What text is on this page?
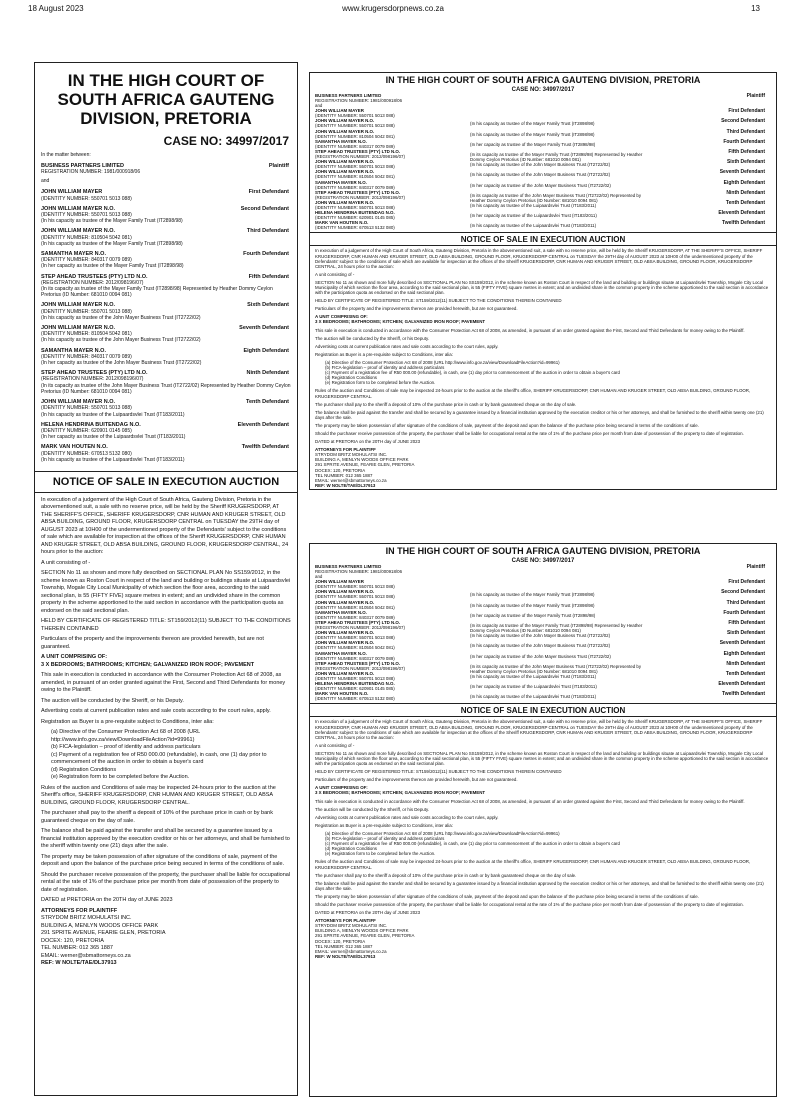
18 August 2023	www.krugersdorpnews.co.za	13
IN THE HIGH COURT OF SOUTH AFRICA GAUTENG DIVISION, PRETORIA
CASE NO: 34997/2017
In the matter between:
BUSINESS PARTNERS LIMITED
REGISTRATION NUMBER: 1981/000918/06
Plaintiff
and
JOHN WILLIAM MAYER
(IDENTITY NUMBER: 550701 5013 088)
First Defendant
JOHN WILLIAM MAYER N.O.
(IDENTITY NUMBER: 550701 5013 088)
(In his capacity as trustee of the Mayer Family Trust (IT2898/98)
Second Defendant
JOHN WILLIAM MAYER N.O.
(IDENTITY NUMBER: 810504 5042 081)
(In his capacity as trustee of the Mayer Family Trust (IT2898/98)
Third Defendant
SAMANTHA MAYER N.O.
(IDENTITY NUMBER: 840317 0079 089)
(In her capacity as trustee of the Mayer Family Trust (IT2898/98)
Fourth Defendant
STEP AHEAD TRUSTEES (PTY) LTD N.O.
(REGISTRATION NUMBER: 2012/098196/07)
(In its capacity as trustee of the Mayer Family Trust (IT2898/98) Represented by Heather Dommy Ceylon Pretorius (ID Number: 681010 0094 081)
Fifth Defendant
JOHN WILLIAM MAYER N.O.
(IDENTITY NUMBER: 550701 5013 088)
(In his capacity as trustee of the John Mayer Business Trust (IT2722/02)
Sixth Defendant
JOHN WILLIAM MAYER N.O.
(IDENTITY NUMBER: 810504 5042 081)
(In his capacity as trustee of the John Mayer Business Trust (IT2722/02)
Seventh Defendant
SAMANTHA MAYER N.O.
(IDENTITY NUMBER: 840317 0079 089)
(In her capacity as trustee of the John Mayer Business Trust (IT2722/02)
Eighth Defendant
STEP AHEAD TRUSTEES (PTY) LTD N.O.
(REGISTRATION NUMBER: 2012/098196/07)
(In its capacity as trustee of the John Mayer Business Trust (IT2722/02) Represented by Heather Dommy Ceylon Pretorius (ID Number: 681010 0094 081)
Ninth Defendant
JOHN WILLIAM MAYER N.O.
(IDENTITY NUMBER: 550701 5013 088)
(In his capacity as trustee of the Luipaardsvlei Trust (IT183/2011)
Tenth Defendant
HELENA HENDRINA BUITENDAG N.O.
(IDENTITY NUMBER: 620901 0145 085)
(In her capacity as trustee of the Luipaardsvlei Trust (IT183/2011)
Eleventh Defendant
MARK VAN HOUTEN N.O.
(IDENTITY NUMBER: 670513 5132 080)
(In his capacity as trustee of the Luipaardsvlei Trust (IT183/2011)
Twelfth Defendant
NOTICE OF SALE IN EXECUTION AUCTION

In execution of a judgement of the High Court of South Africa, Gauteng Division, Pretoria in the abovementioned suit, a sale with no reserve price, will be held by the Sheriff KRUGERSDORP, AT THE SHERIFF'S OFFICE, SHERIFF KRUGERSDORP, CNR HUMAN AND KRUGER STREET, OLD ABSA BUILDING, GROUND FLOOR, KRUGERSDORP CENTRAL on TUESDAY the 29TH day of AUGUST 2023 at 10H00 of the undermentioned property of the Defendants' subject to the conditions of sale which are available for inspection at the offices of the Sheriff KRUGERSDORP, CNR HUMAN AND KRUGER STREET, OLD ABSA BUILDING, GROUND FLOOR, KRUGERSDORP CENTRAL, 24 hours prior to the auction:

A unit consisting of -

SECTION No 11 as shown and more fully described on SECTIONAL PLAN No SS159/2012, in the scheme known as Roston Court in respect of the land and building or buildings situate at Luipaardsvlei Township, Mogale City Local Municipality of which section the floor area, according to the said sectional plan, is 55 (FIFTY FIVE) square metres in extent; and an undivided share in the common property in the scheme apportioned to the said section in accordance with the participation quota as endorsed on the said sectional plan.

HELD BY CERTIFICATE OF REGISTERED TITLE: ST159/2012(11) SUBJECT TO THE CONDITIONS THEREIN CONTAINED

Particulars of the property and the improvements thereon are provided herewith, but are not guaranteed.

A UNIT COMPRISING OF:
3 X BEDROOMS; BATHROOMS; KITCHEN; GALVANIZED IRON ROOF; PAVEMENT

This sale in execution is conducted in accordance with the Consumer Protection Act 68 of 2008, as amended, in pursuant of an order granted against the First, Second and Third Defendants for money owing to the Plaintiff.

The auction will be conducted by the Sheriff, or his Deputy.

Advertising costs at current publication rates and sale costs according to the court rules, apply.

Registration as Buyer is a pre-requisite subject to Conditions, inter alia:

(a) Directive of the Consumer Protection Act 68 of 2008 (URL http://www.info.gov.za/view/DownloadFileAction?id=99961)
(b) FICA-legislation – proof of identity and address particulars
(c) Payment of a registration fee of R50 000.00 (refundable), in cash, one (1) day prior to commencement of the auction in order to obtain a buyer's card
(d) Registration Conditions
(e) Registration form to be completed before the Auction.

Rules of the auction and Conditions of sale may be inspected 24-hours prior to the auction at the Sheriff's office, SHERIFF KRUGERSDORP, CNR HUMAN AND KRUGER STREET, OLD ABSA BUILDING, GROUND FLOOR, KRUGERSDORP CENTRAL.

The purchaser shall pay to the sheriff a deposit of 10% of the purchase price in cash or by bank guaranteed cheque on the day of sale.

The balance shall be paid against the transfer and shall be secured by a guarantee issued by a financial institution approved by the execution creditor or his or her attorneys, and shall be furnished to the sheriff within twenty one (21) days after the sale.

The property may be taken possession of after signature of the conditions of sale, payment of the deposit and upon the balance of the purchase price being secured in terms of the conditions of sale.

Should the purchaser receive possession of the property, the purchaser shall be liable for occupational rental at the rate of 1% of the purchase price per month from date of possession of the property to date of registration.

DATED at PRETORIA on the 20TH day of JUNE 2023

ATTORNEYS FOR PLAINTIFF
STRYDOM BRITZ MOHULATSI INC.
BUILDING A, MENLYN WOODS OFFICE PARK
291 SPRITE AVENUE, FEARIE GLEN, PRETORIA
DOCEX: 120, PRETORIA
TEL NUMBER: 012 365 1887
EMAIL: werner@sbmattorneys.co.za
REF: W NOLTE/TAE/DL37913
IN THE HIGH COURT OF SOUTH AFRICA GAUTENG DIVISION, PRETORIA
CASE NO: 34997/2017
BUSINESS PARTNERS LIMITED
REGISTRATION NUMBER: 1981/000918/06
Plaintiff
and
JOHN WILLIAM MAYER
(IDENTITY NUMBER: 550701 5013 088)
First Defendant
JOHN WILLIAM MAYER N.O.
(IDENTITY NUMBER: 550701 5013 088)	(In his capacity as trustee of the Mayer Family Trust (IT2898/98)	Second Defendant
JOHN WILLIAM MAYER N.O.
(IDENTITY NUMBER: 810504 5042 081)	(In his capacity as trustee of the Mayer Family Trust (IT2898/98)	Third Defendant
SAMANTHA MAYER N.O.
(IDENTITY NUMBER: 840317 0079 089)	(In her capacity as trustee of the Mayer Family Trust (IT2898/98)	Fourth Defendant
STEP AHEAD TRUSTEES (PTY) LTD N.O.
(REGISTRATION NUMBER: 2012/098196/07)	(In its capacity as trustee of the Mayer Family Trust (IT2898/98) Represented by Heather Dommy Ceylon Pretorius (ID Number: 681010 0094 081)
Fifth Defendant
JOHN WILLIAM MAYER N.O.
(IDENTITY NUMBER: 550701 5013 088)	(In his capacity as trustee of the John Mayer Business Trust (IT2722/02)	Sixth Defendant
JOHN WILLIAM MAYER N.O.
(IDENTITY NUMBER: 810504 5042 081)	(In his capacity as trustee of the John Mayer Business Trust (IT2722/02)	Seventh Defendant
SAMANTHA MAYER N.O.
(IDENTITY NUMBER: 840317 0079 089)	(In her capacity as trustee of the John Mayer Business Trust (IT2722/02)	Eighth Defendant
STEP AHEAD TRUSTEES (PTY) LTD N.O.
(REGISTRATION NUMBER: 2012/098196/07)	(In its capacity as trustee of the John Mayer Business Trust (IT2722/02) Represented by Heather Dommy Ceylon Pretorius (ID Number: 681010 0094 081)
Ninth Defendant
JOHN WILLIAM MAYER N.O.
(IDENTITY NUMBER: 550701 5013 088)	(In his capacity as trustee of the Luipaardsvlei Trust (IT183/2011)	Tenth Defendant
HELENA HENDRINA BUITENDAG N.O.
(IDENTITY NUMBER: 620901 0145 085)	(In her capacity as trustee of the Luipaardsvlei Trust (IT183/2011)	Eleventh Defendant
MARK VAN HOUTEN N.O.
(IDENTITY NUMBER: 670513 5132 080)	(In his capacity as trustee of the Luipaardsvlei Trust (IT183/2011)	Twelfth Defendant
NOTICE OF SALE IN EXECUTION AUCTION

In execution of a judgement of the High Court of South Africa, Gauteng Division, Pretoria in the abovementioned suit, a sale with no reserve price, will be held by the Sheriff KRUGERSDORP, AT THE SHERIFF'S OFFICE, SHERIFF KRUGERSDORP, CNR HUMAN AND KRUGER STREET, OLD ABSA BUILDING, GROUND FLOOR, KRUGERSDORP CENTRAL on TUESDAY the 29TH day of AUGUST 2023 at 10H00 of the undermentioned property of the Defendants' subject to the conditions of sale which are available for inspection at the offices of the Sheriff KRUGERSDORP, CNR HUMAN AND KRUGER STREET, OLD ABSA BUILDING, GROUND FLOOR, KRUGERSDORP CENTRAL, 24 hours prior to the auction:

A unit consisting of -

SECTION No 11 as shown and more fully described on SECTIONAL PLAN No SS159/2012, in the scheme known as Roston Court in respect of the land and building or buildings situate at Luipaardsvlei Township, Mogale City Local Municipality of which section the floor area, according to the said sectional plan, is 55 (FIFTY FIVE) square metres in extent; and an undivided share in the common property in the scheme apportioned to the said section in accordance with the participation quota as endorsed on the said sectional plan.

HELD BY CERTIFICATE OF REGISTERED TITLE: ST159/2012(11) SUBJECT TO THE CONDITIONS THEREIN CONTAINED

Particulars of the property and the improvements thereon are provided herewith, but are not guaranteed.

A UNIT COMPRISING OF:
3 X BEDROOMS; BATHROOMS; KITCHEN; GALVANIZED IRON ROOF; PAVEMENT

This sale in execution is conducted in accordance with the Consumer Protection Act 68 of 2008, as amended, in pursuant of an order granted against the First, Second and Third Defendants for money owing to the Plaintiff.

The auction will be conducted by the Sheriff, or his Deputy.

Advertising costs at current publication rates and sale costs according to the court rules, apply.

Registration as Buyer is a pre-requisite subject to Conditions, inter alia:

(a) Directive of the Consumer Protection Act 68 of 2008 (URL http://www.info.gov.za/view/DownloadFileAction?id=99961)
(b) FICA-legislation – proof of identity and address particulars
(c) Payment of a registration fee of R50 000.00 (refundable), in cash, one (1) day prior to commencement of the auction in order to obtain a buyer's card
(d) Registration Conditions
(e) Registration form to be completed before the Auction.

Rules of the auction and Conditions of sale may be inspected 24-hours prior to the auction at the Sheriff's office, SHERIFF KRUGERSDORP, CNR HUMAN AND KRUGER STREET, OLD ABSA BUILDING, GROUND FLOOR, KRUGERSDORP CENTRAL.

The purchaser shall pay to the sheriff a deposit of 10% of the purchase price in cash or by bank guaranteed cheque on the day of sale.

The balance shall be paid against the transfer and shall be secured by a guarantee issued by a financial institution approved by the execution creditor or his or her attorneys, and shall be furnished to the sheriff within twenty one (21) days after the sale.

The property may be taken possession of after signature of the conditions of sale, payment of the deposit and upon the balance of the purchase price being secured in terms of the conditions of sale.

Should the purchaser receive possession of the property, the purchaser shall be liable for occupational rental at the rate of 1% of the purchase price per month from date of possession of the property to date of registration.

DATED at PRETORIA on the 20TH day of JUNE 2023

ATTORNEYS FOR PLAINTIFF
STRYDOM BRITZ MOHULATSI INC.
BUILDING A, MENLYN WOODS OFFICE PARK
291 SPRITE AVENUE, FEARIE GLEN, PRETORIA
DOCEX: 120, PRETORIA
TEL NUMBER: 012 365 1887
EMAIL: werner@sbmattorneys.co.za
REF: W NOLTE/TAE/DL37913
IN THE HIGH COURT OF SOUTH AFRICA GAUTENG DIVISION, PRETORIA
CASE NO: 34997/2017
BUSINESS PARTNERS LIMITED
REGISTRATION NUMBER: 1981/000918/06
Plaintiff
and
JOHN WILLIAM MAYER
(IDENTITY NUMBER: 550701 5013 088)
First Defendant
JOHN WILLIAM MAYER N.O.
(IDENTITY NUMBER: 550701 5013 088)	(In his capacity as trustee of the Mayer Family Trust (IT2898/98)	Second Defendant
JOHN WILLIAM MAYER N.O.
(IDENTITY NUMBER: 810504 5042 081)	(In his capacity as trustee of the Mayer Family Trust (IT2898/98)	Third Defendant
SAMANTHA MAYER N.O.
(IDENTITY NUMBER: 840317 0079 089)	(In her capacity as trustee of the Mayer Family Trust (IT2898/98)	Fourth Defendant
STEP AHEAD TRUSTEES (PTY) LTD N.O.
(REGISTRATION NUMBER: 2012/098196/07)	(In its capacity as trustee of the Mayer Family Trust (IT2898/98) Represented by Heather Dommy Ceylon Pretorius (ID Number: 681010 0094 081)
Fifth Defendant
JOHN WILLIAM MAYER N.O.
(IDENTITY NUMBER: 550701 5013 088)	(In his capacity as trustee of the John Mayer Business Trust (IT2722/02)	Sixth Defendant
JOHN WILLIAM MAYER N.O.
(IDENTITY NUMBER: 810504 5042 081)	(In his capacity as trustee of the John Mayer Business Trust (IT2722/02)	Seventh Defendant
SAMANTHA MAYER N.O.
(IDENTITY NUMBER: 840317 0079 089)	(In her capacity as trustee of the John Mayer Business Trust (IT2722/02)	Eighth Defendant
STEP AHEAD TRUSTEES (PTY) LTD N.O.
(REGISTRATION NUMBER: 2012/098196/07)	(In its capacity as trustee of the John Mayer Business Trust (IT2722/02) Represented by Heather Dommy Ceylon Pretorius (ID Number: 681010 0094 081)
Ninth Defendant
JOHN WILLIAM MAYER N.O.
(IDENTITY NUMBER: 550701 5013 088)	(In his capacity as trustee of the Luipaardsvlei Trust (IT183/2011)	Tenth Defendant
HELENA HENDRINA BUITENDAG N.O.
(IDENTITY NUMBER: 620901 0145 085)	(In her capacity as trustee of the Luipaardsvlei Trust (IT183/2011)	Eleventh Defendant
MARK VAN HOUTEN N.O.
(IDENTITY NUMBER: 670513 5132 080)	(In his capacity as trustee of the Luipaardsvlei Trust (IT183/2011)	Twelfth Defendant
NOTICE OF SALE IN EXECUTION AUCTION

In execution of a judgement of the High Court of South Africa, Gauteng Division, Pretoria in the abovementioned suit, a sale with no reserve price, will be held by the Sheriff KRUGERSDORP, AT THE SHERIFF'S OFFICE, SHERIFF KRUGERSDORP, CNR HUMAN AND KRUGER STREET, OLD ABSA BUILDING, GROUND FLOOR, KRUGERSDORP CENTRAL on TUESDAY the 29TH day of AUGUST 2023 at 10H00 of the undermentioned property of the Defendants' subject to the conditions of sale which are available for inspection at the offices of the Sheriff KRUGERSDORP, CNR HUMAN AND KRUGER STREET, OLD ABSA BUILDING, GROUND FLOOR, KRUGERSDORP CENTRAL, 24 hours prior to the auction:

A unit consisting of -

SECTION No 11 as shown and more fully described on SECTIONAL PLAN No SS159/2012, in the scheme known as Roston Court in respect of the land and building or buildings situate at Luipaardsvlei Township, Mogale City Local Municipality of which section the floor area, according to the said sectional plan, is 55 (FIFTY FIVE) square metres in extent; and an undivided share in the common property in the scheme apportioned to the said section in accordance with the participation quota as endorsed on the said sectional plan.

HELD BY CERTIFICATE OF REGISTERED TITLE: ST159/2012(11) SUBJECT TO THE CONDITIONS THEREIN CONTAINED

Particulars of the property and the improvements thereon are provided herewith, but are not guaranteed.

A UNIT COMPRISING OF:
3 X BEDROOMS; BATHROOMS; KITCHEN; GALVANIZED IRON ROOF; PAVEMENT

This sale in execution is conducted in accordance with the Consumer Protection Act 68 of 2008, as amended, in pursuant of an order granted against the First, Second and Third Defendants for money owing to the Plaintiff.

The auction will be conducted by the Sheriff, or his Deputy.

Advertising costs at current publication rates and sale costs according to the court rules, apply.

Registration as Buyer is a pre-requisite subject to Conditions, inter alia:

(a) Directive of the Consumer Protection Act 68 of 2008 (URL http://www.info.gov.za/view/DownloadFileAction?id=99961)
(b) FICA-legislation – proof of identity and address particulars
(c) Payment of a registration fee of R50 000.00 (refundable), in cash, one (1) day prior to commencement of the auction in order to obtain a buyer's card
(d) Registration Conditions
(e) Registration form to be completed before the Auction.

Rules of the auction and Conditions of sale may be inspected 24-hours prior to the auction at the Sheriff's office, SHERIFF KRUGERSDORP, CNR HUMAN AND KRUGER STREET, OLD ABSA BUILDING, GROUND FLOOR, KRUGERSDORP CENTRAL.

The purchaser shall pay to the sheriff a deposit of 10% of the purchase price in cash or by bank guaranteed cheque on the day of sale.

The balance shall be paid against the transfer and shall be secured by a guarantee issued by a financial institution approved by the execution creditor or his or her attorneys, and shall be furnished to the sheriff within twenty one (21) days after the sale.

The property may be taken possession of after signature of the conditions of sale, payment of the deposit and upon the balance of the purchase price being secured in terms of the conditions of sale.

Should the purchaser receive possession of the property, the purchaser shall be liable for occupational rental at the rate of 1% of the purchase price per month from date of possession of the property to date of registration.

DATED at PRETORIA on the 20TH day of JUNE 2023

ATTORNEYS FOR PLAINTIFF
STRYDOM BRITZ MOHULATSI INC.
BUILDING A, MENLYN WOODS OFFICE PARK
291 SPRITE AVENUE, FEARIE GLEN, PRETORIA
DOCEX: 120, PRETORIA
TEL NUMBER: 012 365 1887
EMAIL: werner@sbmattorneys.co.za
REF: W NOLTE/TAE/DL37913
